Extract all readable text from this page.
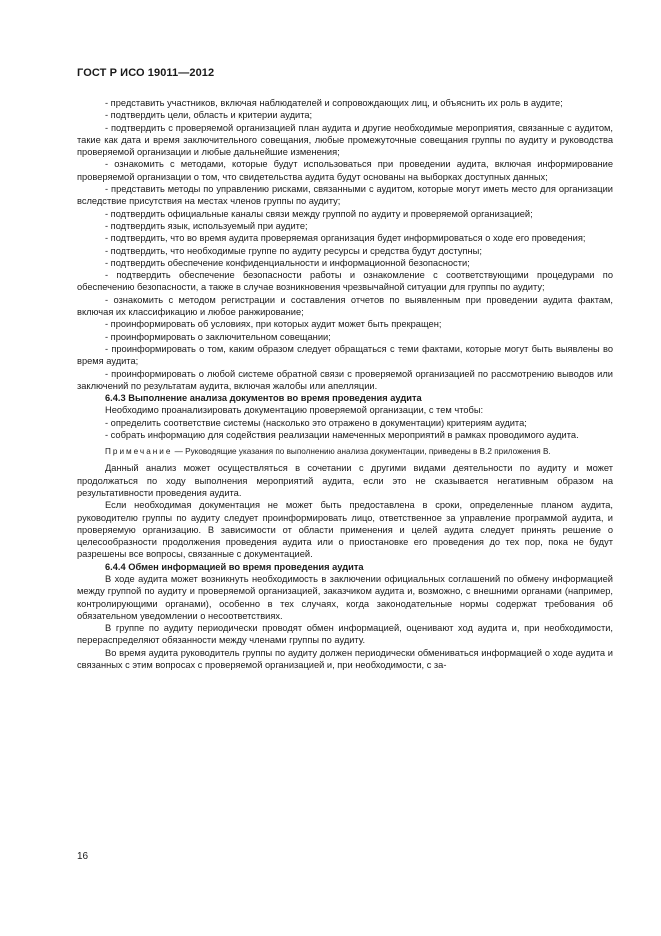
ГОСТ Р ИСО 19011—2012

- представить участников, включая наблюдателей и сопровождающих лиц, и объяснить их роль в аудите;

- подтвердить цели, область и критерии аудита;

- подтвердить с проверяемой организацией план аудита и другие необходимые мероприятия, связанные с аудитом, такие как дата и время заключительного совещания, любые промежуточные совещания группы по аудиту и руководства проверяемой организации и любые дальнейшие изменения;

- ознакомить с методами, которые будут использоваться при проведении аудита, включая информирование проверяемой организации о том, что свидетельства аудита будут основаны на выборках доступных данных;

- представить методы по управлению рисками, связанными с аудитом, которые могут иметь место для организации вследствие присутствия на местах членов группы по аудиту;

- подтвердить официальные каналы связи между группой по аудиту и проверяемой организацией;

- подтвердить язык, используемый при аудите;

- подтвердить, что во время аудита проверяемая организация будет информироваться о ходе его проведения;

- подтвердить, что необходимые группе по аудиту ресурсы и средства будут доступны;

- подтвердить обеспечение конфиденциальности и информационной безопасности;

- подтвердить обеспечение безопасности работы и ознакомление с соответствующими процедурами по обеспечению безопасности, а также в случае возникновения чрезвычайной ситуации для группы по аудиту;

- ознакомить с методом регистрации и составления отчетов по выявленным при проведении аудита фактам, включая их классификацию и любое ранжирование;

- проинформировать об условиях, при которых аудит может быть прекращен;

- проинформировать о заключительном совещании;

- проинформировать о том, каким образом следует обращаться с теми фактами, которые могут быть выявлены во время аудита;

- проинформировать о любой системе обратной связи с проверяемой организацией по рассмотрению выводов или заключений по результатам аудита, включая жалобы или апелляции.

6.4.3 Выполнение анализа документов во время проведения аудита

Необходимо проанализировать документацию проверяемой организации, с тем чтобы:

- определить соответствие системы (насколько это отражено в документации) критериям аудита;

- собрать информацию для содействия реализации намеченных мероприятий в рамках проводимого аудита.

Примечание — Руководящие указания по выполнению анализа документации, приведены в В.2 приложения В.

Данный анализ может осуществляться в сочетании с другими видами деятельности по аудиту и может продолжаться по ходу выполнения мероприятий аудита, если это не сказывается негативным образом на результативности проведения аудита.

Если необходимая документация не может быть предоставлена в сроки, определенные планом аудита, руководителю группы по аудиту следует проинформировать лицо, ответственное за управление программой аудита, и проверяемую организацию. В зависимости от области применения и целей аудита следует принять решение о целесообразности продолжения проведения аудита или о приостановке его проведения до тех пор, пока не будут разрешены все вопросы, связанные с документацией.

6.4.4 Обмен информацией во время проведения аудита

В ходе аудита может возникнуть необходимость в заключении официальных соглашений по обмену информацией между группой по аудиту и проверяемой организацией, заказчиком аудита и, возможно, с внешними органами (например, контролирующими органами), особенно в тех случаях, когда законодательные нормы содержат требования об обязательном уведомлении о несоответствиях.

В группе по аудиту периодически проводят обмен информацией, оценивают ход аудита и, при необходимости, перераспределяют обязанности между членами группы по аудиту.

Во время аудита руководитель группы по аудиту должен периодически обмениваться информацией о ходе аудита и связанных с этим вопросах с проверяемой организацией и, при необходимости, с за-

16
